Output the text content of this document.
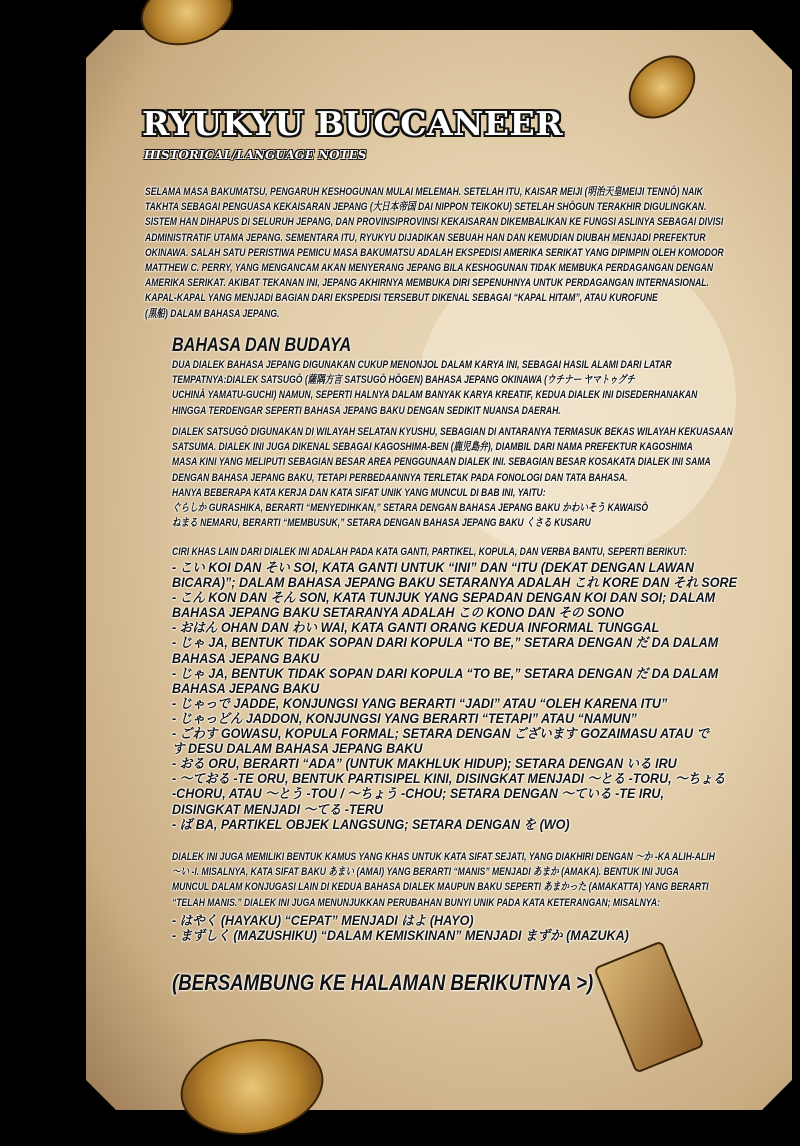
RYUKYU BUCCANEER
HISTORICAL/LANGUAGE NOTES
SELAMA MASA BAKUMATSU, PENGARUH KESHOGUNAN MULAI MELEMAH. SETELAH ITU, KAISAR MEIJI (明治天皇MEIJI TENNŌ) NAIK
TAKHTA SEBAGAI PENGUASA KEKAISARAN JEPANG (大日本帝国 DAI NIPPON TEIKOKU) SETELAH SHŌGUN TERAKHIR DIGULINGKAN.
SISTEM HAN DIHAPUS DI SELURUH JEPANG, DAN PROVINSIPROVINSI KEKAISARAN DIKEMBALIKAN KE FUNGSI ASLINYA SEBAGAI DIVISI
ADMINISTRATIF UTAMA JEPANG. SEMENTARA ITU, RYUKYU DIJADIKAN SEBUAH HAN DAN KEMUDIAN DIUBAH MENJADI PREFEKTUR
OKINAWA. SALAH SATU PERISTIWA PEMICU MASA BAKUMATSU ADALAH EKSPEDISI AMERIKA SERIKAT YANG DIPIMPIN OLEH KOMODOR
MATTHEW C. PERRY, YANG MENGANCAM AKAN MENYERANG JEPANG BILA KESHOGUNAN TIDAK MEMBUKA PERDAGANGAN DENGAN
AMERIKA SERIKAT. AKIBAT TEKANAN INI, JEPANG AKHIRNYA MEMBUKA DIRI SEPENUHNYA UNTUK PERDAGANGAN INTERNASIONAL.
KAPAL-KAPAL YANG MENJADI BAGIAN DARI EKSPEDISI TERSEBUT DIKENAL SEBAGAI “KAPAL HITAM”, ATAU KUROFUNE
(黒船) DALAM BAHASA JEPANG.
BAHASA DAN BUDAYA
DUA DIALEK BAHASA JEPANG DIGUNAKAN CUKUP MENONJOL DALAM KARYA INI, SEBAGAI HASIL ALAMI DARI LATAR
TEMPATNYA:DIALEK SATSUGŌ (薩隅方言 SATSUGŌ HŌGEN) BAHASA JEPANG OKINAWA (ウチナー ヤマトゥグチ
UCHINĀ YAMATU-GUCHI) NAMUN, SEPERTI HALNYA DALAM BANYAK KARYA KREATIF, KEDUA DIALEK INI DISEDERHANAKAN
HINGGA TERDENGAR SEPERTI BAHASA JEPANG BAKU DENGAN SEDIKIT NUANSA DAERAH.
DIALEK SATSUGŌ DIGUNAKAN DI WILAYAH SELATAN KYUSHU, SEBAGIAN DI ANTARANYA TERMASUK BEKAS WILAYAH KEKUASAAN
SATSUMA. DIALEK INI JUGA DIKENAL SEBAGAI KAGOSHIMA-BEN (鹿児島弁), DIAMBIL DARI NAMA PREFEKTUR KAGOSHIMA
MASA KINI YANG MELIPUTI SEBAGIAN BESAR AREA PENGGUNAAN DIALEK INI. SEBAGIAN BESAR KOSAKATA DIALEK INI SAMA
DENGAN BAHASA JEPANG BAKU, TETAPI PERBEDAANNYA TERLETAK PADA FONOLOGI DAN TATA BAHASA.
HANYA BEBERAPA KATA KERJA DAN KATA SIFAT UNIK YANG MUNCUL DI BAB INI, YAITU:
ぐらしか GURASHIKA, BERARTI “MENYEDIHKAN,” SETARA DENGAN BAHASA JEPANG BAKU かわいそう KAWAISŌ
ねまる NEMARU, BERARTI “MEMBUSUK,” SETARA DENGAN BAHASA JEPANG BAKU くさる KUSARU
CIRI KHAS LAIN DARI DIALEK INI ADALAH PADA KATA GANTI, PARTIKEL, KOPULA, DAN VERBA BANTU, SEPERTI BERIKUT:
- こい KOI DAN そい SOI, KATA GANTI UNTUK “INI” DAN “ITU (DEKAT DENGAN LAWAN
BICARA)”; DALAM BAHASA JEPANG BAKU SETARANYA ADALAH これ KORE DAN それ SORE
- こん KON DAN そん SON, KATA TUNJUK YANG SEPADAN DENGAN KOI DAN SOI; DALAM
BAHASA JEPANG BAKU SETARANYA ADALAH この KONO DAN その SONO
- おはん OHAN DAN わい WAI, KATA GANTI ORANG KEDUA INFORMAL TUNGGAL
- じゃ JA, BENTUK TIDAK SOPAN DARI KOPULA “TO BE,” SETARA DENGAN だ DA DALAM
BAHASA JEPANG BAKU
- じゃ JA, BENTUK TIDAK SOPAN DARI KOPULA “TO BE,” SETARA DENGAN だ DA DALAM
BAHASA JEPANG BAKU
- じゃっで JADDE, KONJUNGSI YANG BERARTI “JADI” ATAU “OLEH KARENA ITU”
- じゃっどん JADDON, KONJUNGSI YANG BERARTI “TETAPI” ATAU “NAMUN”
- ごわす GOWASU, KOPULA FORMAL; SETARA DENGAN ございます GOZAIMASU ATAU で
す DESU DALAM BAHASA JEPANG BAKU
- おる ORU, BERARTI “ADA” (UNTUK MAKHLUK HIDUP); SETARA DENGAN いる IRU
- 〜ておる -TE ORU, BENTUK PARTISIPEL KINI, DISINGKAT MENJADI 〜とる -TORU, 〜ちょる
-CHORU, ATAU 〜とう -TOU / 〜ちょう -CHOU; SETARA DENGAN 〜ている -TE IRU,
DISINGKAT MENJADI 〜てる -TERU
- ば BA, PARTIKEL OBJEK LANGSUNG; SETARA DENGAN を (WO)
DIALEK INI JUGA MEMILIKI BENTUK KAMUS YANG KHAS UNTUK KATA SIFAT SEJATI, YANG DIAKHIRI DENGAN 〜か -KA ALIH-ALIH
〜い -I. MISALNYA, KATA SIFAT BAKU あまい (AMAI) YANG BERARTI “MANIS” MENJADI あまか (AMAKA). BENTUK INI JUGA
MUNCUL DALAM KONJUGASI LAIN DI KEDUA BAHASA DIALEK MAUPUN BAKU SEPERTI あまかった (AMAKATTA) YANG BERARTI
“TELAH MANIS.” DIALEK INI JUGA MENUNJUKKAN PERUBAHAN BUNYI UNIK PADA KATA KETERANGAN; MISALNYA:
- はやく (HAYAKU) “CEPAT” MENJADI はよ (HAYO)
- まずしく (MAZUSHIKU) “DALAM KEMISKINAN” MENJADI まずか (MAZUKA)
(BERSAMBUNG KE HALAMAN BERIKUTNYA >)
